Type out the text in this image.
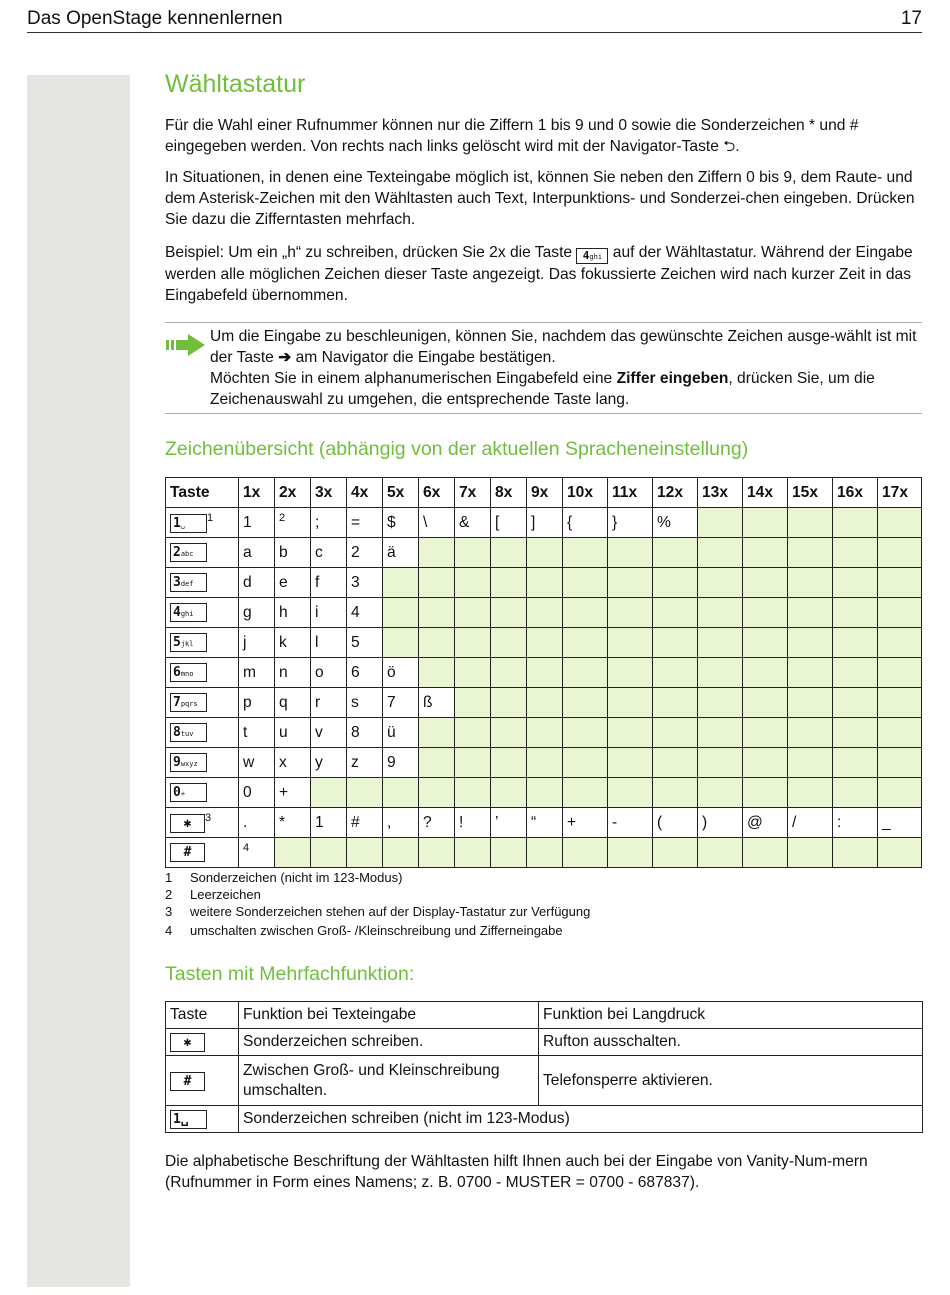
Das OpenStage kennenlernen	17
Wähltastatur

Für die Wahl einer Rufnummer können nur die Ziffern 1 bis 9 und 0 sowie die Sonderzeichen * und # eingegeben werden. Von rechts nach links gelöscht wird mit der Navigator-Taste ⮌.

In Situationen, in denen eine Texteingabe möglich ist, können Sie neben den Ziffern 0 bis 9, dem Raute- und dem Asterisk-Zeichen mit den Wähltasten auch Text, Interpunktions- und Sonderzei-chen eingeben. Drücken Sie dazu die Zifferntasten mehrfach.

Beispiel: Um ein „h“ zu schreiben, drücken Sie 2x die Taste 4ghi auf der Wähltastatur. Während der Eingabe werden alle möglichen Zeichen dieser Taste angezeigt. Das fokussierte Zeichen wird nach kurzer Zeit in das Eingabefeld übernommen.

Um die Eingabe zu beschleunigen, können Sie, nachdem das gewünschte Zeichen ausge-wählt ist mit der Taste ➔ am Navigator die Eingabe bestätigen.
Möchten Sie in einem alphanumerischen Eingabefeld eine Ziffer eingeben, drücken Sie, um die Zeichenauswahl zu umgehen, die entsprechende Taste lang.
Zeichenübersicht (abhängig von der aktuellen Spracheneinstellung)
Taste	1x	2x	3x	4x	5x	6x	7x	8x	9x	10x	11x	12x	13x	14x	15x	16x	17x
1␣$^1$	1	$^2$	;	=	$	\	&	[	]	{	}	%					
2abc	a	b	c	2	ä												
3def	d	e	f	3													
4ghi	g	h	i	4													
5jkl	j	k	l	5													
6mno	m	n	o	6	ö												
7pqrs	p	q	r	s	7	ß											
8tuv	t	u	v	8	ü												
9wxyz	w	x	y	z	9												
0+	0	+															
✱ $^3$	.	*	1	#	,	?	!	’	“	+	-	(	)	@	/	:	_
#	$^4$																
1 Sonderzeichen (nicht im 123-Modus)
2 Leerzeichen
3 weitere Sonderzeichen stehen auf der Display-Tastatur zur Verfügung
4 umschalten zwischen Groß- /Kleinschreibung und Zifferneingabe
Tasten mit Mehrfachfunktion:
Taste	Funktion bei Texteingabe	Funktion bei Langdruck
✱	Sonderzeichen schreiben.	Rufton ausschalten.
#	Zwischen Groß- und Kleinschreibung umschalten.	Telefonsperre aktivieren.
1␣	Sonderzeichen schreiben (nicht im 123-Modus)	
Die alphabetische Beschriftung der Wähltasten hilft Ihnen auch bei der Eingabe von Vanity-Num-mern (Rufnummer in Form eines Namens; z. B. 0700 - MUSTER = 0700 - 687837).
